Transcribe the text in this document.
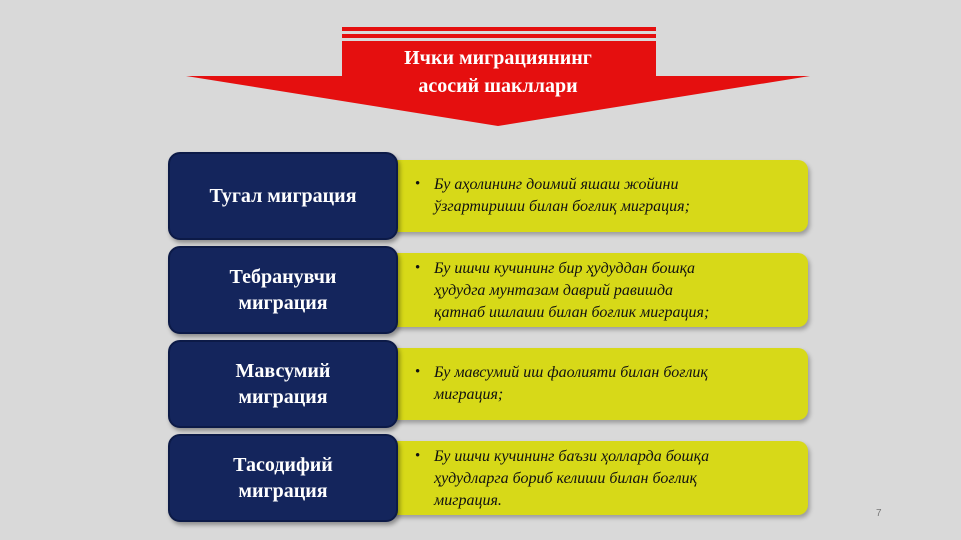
Ички миграциянинг
асосий шакллари
• Бу аҳолининг доимий яшаш жойини
ўзгартириши билан боғлиқ миграция;
Тугал миграция
• Бу ишчи кучининг бир ҳудуддан бошқа
ҳудудга мунтазам даврий равишда
қатнаб ишлаши билан боғлик миграция;
Тебранувчи
миграция
• Бу мавсумий иш фаолияти билан боғлиқ
миграция;
Мавсумий
миграция
• Бу ишчи кучининг баъзи ҳолларда бошқа
ҳудудларга бориб келиши билан боғлиқ
миграция.
Тасодифий
миграция
7
